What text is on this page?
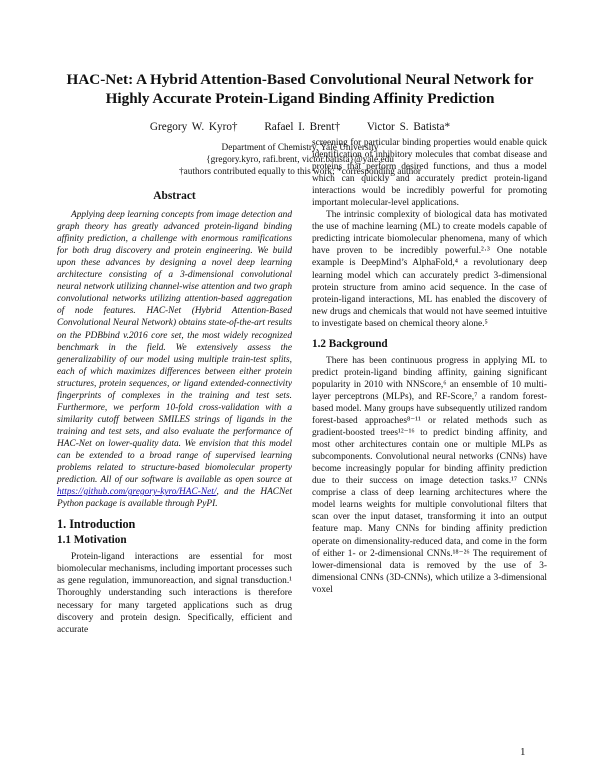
HAC-Net: A Hybrid Attention-Based Convolutional Neural Network for
Highly Accurate Protein-Ligand Binding Affinity Prediction
Gregory W. Kyro† Rafael I. Brent† Victor S. Batista*
Department of Chemistry, Yale University
{gregory.kyro, rafi.brent, victor.batista}@yale.edu
†authors contributed equally to this work; *corresponding author
Abstract
Applying deep learning concepts from image detection and graph theory has greatly advanced protein-ligand binding affinity prediction, a challenge with enormous ramifications for both drug discovery and protein engineering. We build upon these advances by designing a novel deep learning architecture consisting of a 3-dimensional convolutional neural network utilizing channel-wise attention and two graph convolutional networks utilizing attention-based aggregation of node features. HAC-Net (Hybrid Attention-Based Convolutional Neural Network) obtains state-of-the-art results on the PDBbind v.2016 core set, the most widely recognized benchmark in the field. We extensively assess the generalizability of our model using multiple train-test splits, each of which maximizes differences between either protein structures, protein sequences, or ligand extended-connectivity fingerprints of complexes in the training and test sets. Furthermore, we perform 10-fold cross-validation with a similarity cutoff between SMILES strings of ligands in the training and test sets, and also evaluate the performance of HAC-Net on lower-quality data. We envision that this model can be extended to a broad range of supervised learning problems related to structure-based biomolecular property prediction. All of our software is available as open source at https://github.com/gregory-kyro/HAC-Net/, and the HACNet Python package is available through PyPI.
1. Introduction
1.1 Motivation

Protein-ligand interactions are essential for most biomolecular mechanisms, including important processes such as gene regulation, immunoreaction, and signal transduction.¹ Thoroughly understanding such interactions is therefore necessary for many targeted applications such as drug discovery and protein design. Specifically, efficient and accurate

screening for particular binding properties would enable quick identification of inhibitory molecules that combat disease and proteins that perform desired functions, and thus a model which can quickly and accurately predict protein-ligand interactions would be incredibly powerful for promoting important molecular-level applications.

The intrinsic complexity of biological data has motivated the use of machine learning (ML) to create models capable of predicting intricate biomolecular phenomena, many of which have proven to be incredibly powerful.²·³ One notable example is DeepMind’s AlphaFold,⁴ a revolutionary deep learning model which can accurately predict 3-dimensional protein structure from amino acid sequence. In the case of protein-ligand interactions, ML has enabled the discovery of new drugs and chemicals that would not have seemed intuitive to investigate based on chemical theory alone.⁵

1.2 Background

There has been continuous progress in applying ML to predict protein-ligand binding affinity, gaining significant popularity in 2010 with NNScore,⁶ an ensemble of 10 multi-layer perceptrons (MLPs), and RF-Score,⁷ a random forest-based model. Many groups have subsequently utilized random forest-based approaches⁸⁻¹¹ or related methods such as gradient-boosted trees¹²⁻¹⁶ to predict binding affinity, and most other architectures contain one or multiple MLPs as subcomponents. Convolutional neural networks (CNNs) have become increasingly popular for binding affinity prediction due to their success on image detection tasks.¹⁷ CNNs comprise a class of deep learning architectures where the model learns weights for multiple convolutional filters that scan over the input dataset, transforming it into an output feature map. Many CNNs for binding affinity prediction operate on dimensionality-reduced data, and come in the form of either 1- or 2-dimensional CNNs.¹⁸⁻²⁶ The requirement of lower-dimensional data is removed by the use of 3-dimensional CNNs (3D-CNNs), which utilize a 3-dimensional voxel

1
